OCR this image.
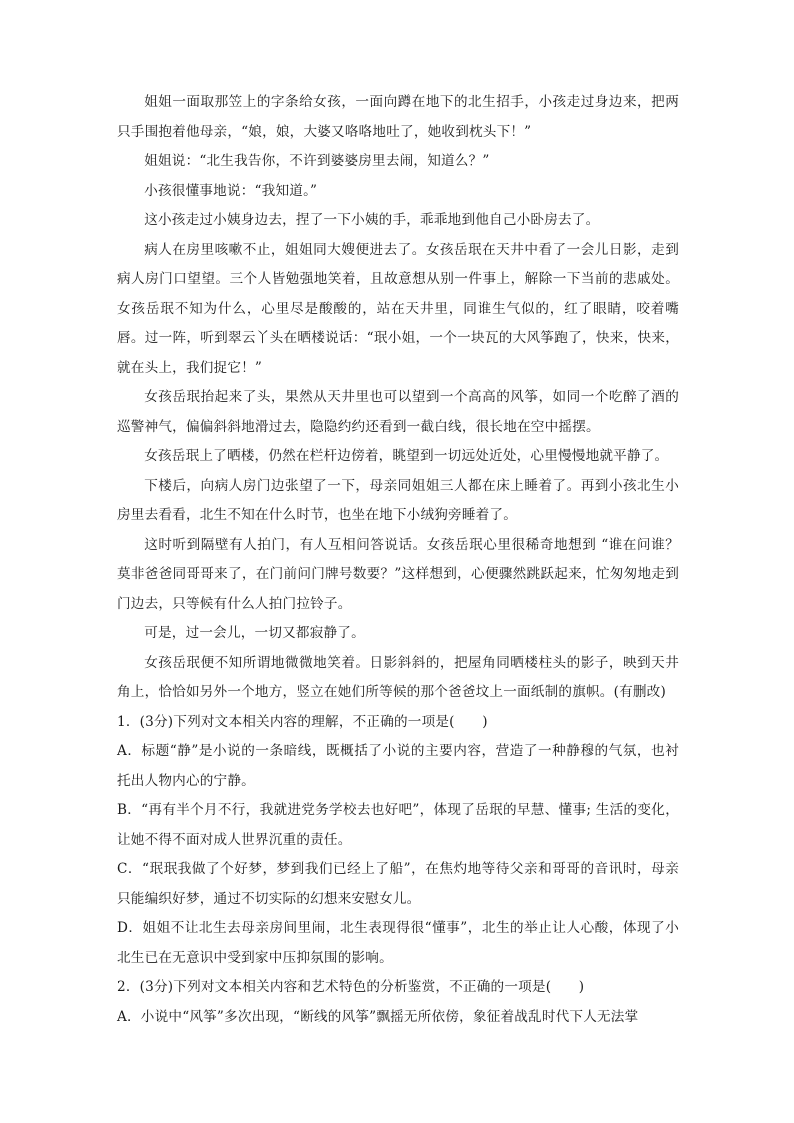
姐姐一面取那笠上的字条给女孩，一面向蹲在地下的北生招手，小孩走过身边来，把两只手围抱着他母亲，“娘，娘，大婆又咯咯地吐了，她收到枕头下！”

姐姐说：“北生我告你，不许到婆婆房里去闹，知道么？”

小孩很懂事地说：“我知道。”

这小孩走过小姨身边去，捏了一下小姨的手，乖乖地到他自己小卧房去了。

病人在房里咳嗽不止，姐姐同大嫂便进去了。女孩岳珉在天井中看了一会儿日影，走到病人房门口望望。三个人皆勉强地笑着，且故意想从别一件事上，解除一下当前的悲戚处。女孩岳珉不知为什么，心里尽是酸酸的，站在天井里，同谁生气似的，红了眼睛，咬着嘴唇。过一阵，听到翠云丫头在晒楼说话：“珉小姐，一个一块瓦的大风筝跑了，快来，快来，就在头上，我们捉它！”

女孩岳珉抬起来了头，果然从天井里也可以望到一个高高的风筝，如同一个吃醉了酒的巡警神气，偏偏斜斜地滑过去，隐隐约约还看到一截白线，很长地在空中摇摆。

女孩岳珉上了晒楼，仍然在栏杆边傍着，眺望到一切远处近处，心里慢慢地就平静了。

下楼后，向病人房门边张望了一下，母亲同姐姐三人都在床上睡着了。再到小孩北生小房里去看看，北生不知在什么时节，也坐在地下小绒狗旁睡着了。

这时听到隔壁有人拍门，有人互相问答说话。女孩岳珉心里很稀奇地想到 “谁在问谁？莫非爸爸同哥哥来了，在门前问门牌号数要？”这样想到，心便骤然跳跃起来，忙匆匆地走到门边去，只等候有什么人拍门拉铃子。

可是，过一会儿，一切又都寂静了。

女孩岳珉便不知所谓地微微地笑着。日影斜斜的，把屋角同晒楼柱头的影子，映到天井角上，恰恰如另外一个地方，竖立在她们所等候的那个爸爸坟上一面纸制的旗帜。(有删改)

1．(3分)下列对文本相关内容的理解，不正确的一项是(　　)

A．标题“静”是小说的一条暗线，既概括了小说的主要内容，营造了一种静穆的气氛，也衬托出人物内心的宁静。

B．“再有半个月不行，我就进党务学校去也好吧”，体现了岳珉的早慧、懂事; 生活的变化，让她不得不面对成人世界沉重的责任。

C．“珉珉我做了个好梦，梦到我们已经上了船”，在焦灼地等待父亲和哥哥的音讯时，母亲只能编织好梦，通过不切实际的幻想来安慰女儿。

D．姐姐不让北生去母亲房间里闹，北生表现得很“懂事”，北生的举止让人心酸，体现了小北生已在无意识中受到家中压抑氛围的影响。

2．(3分)下列对文本相关内容和艺术特色的分析鉴赏，不正确的一项是(　　)

A．小说中“风筝”多次出现，“断线的风筝”飘摇无所依傍，象征着战乱时代下人无法掌
